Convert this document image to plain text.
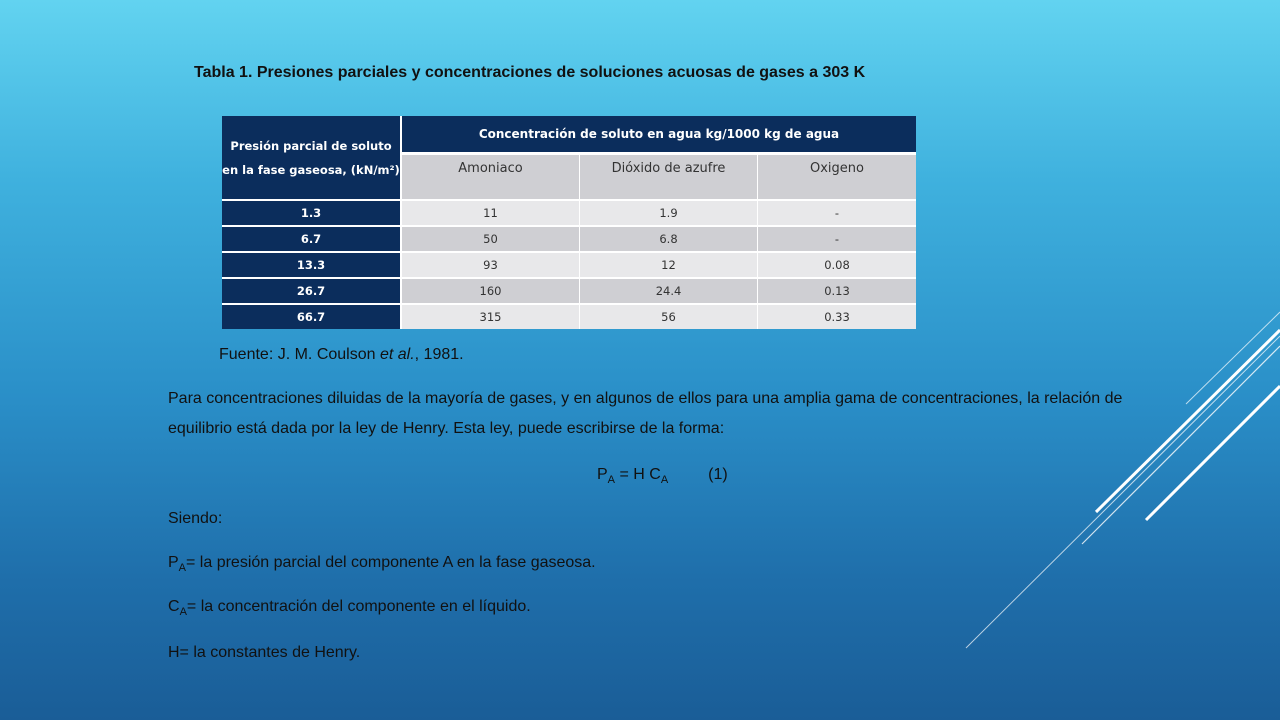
Tabla 1. Presiones parciales y concentraciones de soluciones acuosas de gases a 303 K
Presión parcial de soluto en la fase gaseosa, (kN/m²)	Concentración de soluto en agua kg/1000 kg de agua		
	Amoniaco	Dióxido de azufre	Oxigeno
1.3	11	1.9	-
6.7	50	6.8	-
13.3	93	12	0.08
26.7	160	24.4	0.13
66.7	315	56	0.33
Fuente: J. M. Coulson et al., 1981.
Para concentraciones diluidas de la mayoría de gases, y en algunos de ellos para una amplia gama de concentraciones, la relación de equilibrio está dada por la ley de Henry. Esta ley, puede escribirse de la forma:
$P_A = H$ $C_A$	(1)
Siendo:
$P_A=$ la presión parcial del componente A en la fase gaseosa.
$C_A=$ la concentración del componente en el líquido.
H= la constantes de Henry.
